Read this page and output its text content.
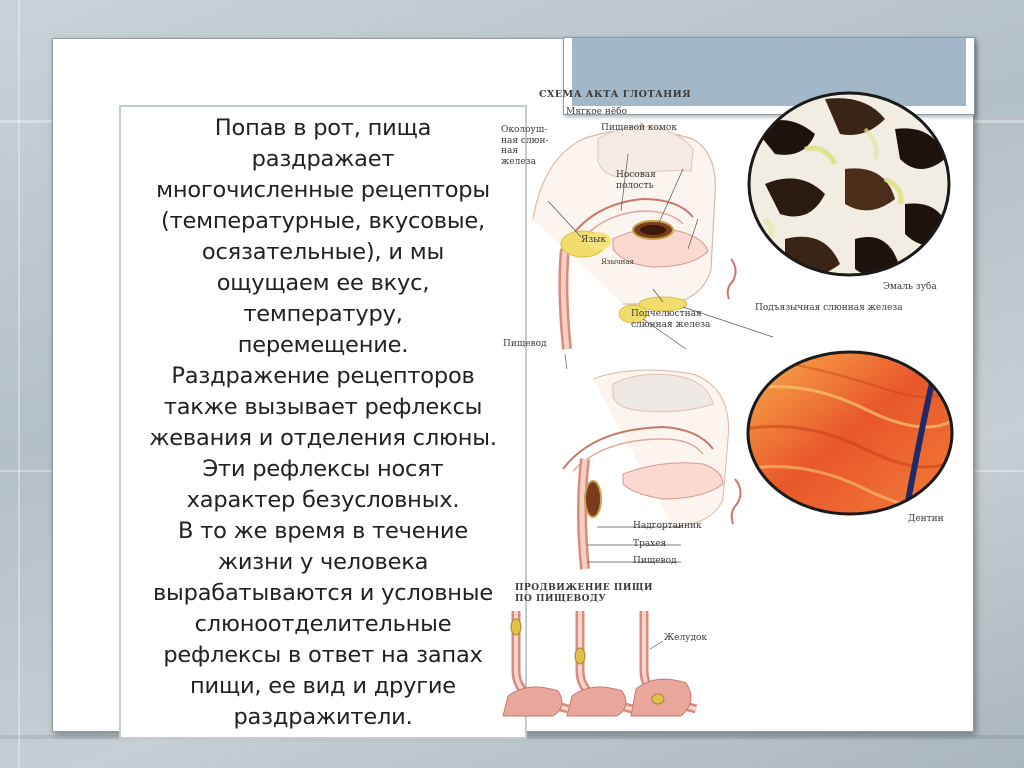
Попав в рот, пища
раздражает
многочисленные рецепторы
(температурные, вкусовые,
осязательные), и мы
ощущаем ее вкус,
температуру,
перемещение.
Раздражение рецепторов
также вызывает рефлексы
жевания и отделения слюны.
Эти рефлексы носят
характер безусловных.
В то же время в течение
жизни у человека
вырабатываются и условные
слюноотделительные
рефлексы в ответ на запах
пищи, ее вид и другие
раздражители.

СХЕМА АКТА ГЛОТАНИЯ
Мягкое нёбо
Пищевой комок
Околоуш-
ная слюн-
ная
железа
Носовая
полость
Язык
Язычная
Подчелюстная
слюнная железа
Подъязычная слюнная железа
Пищевод
Эмаль зуба
Дентин
Надгортанник
Трахея
Пищевод
ПРОДВИЖЕНИЕ ПИЩИ
ПО ПИЩЕВОДУ
Желудок
